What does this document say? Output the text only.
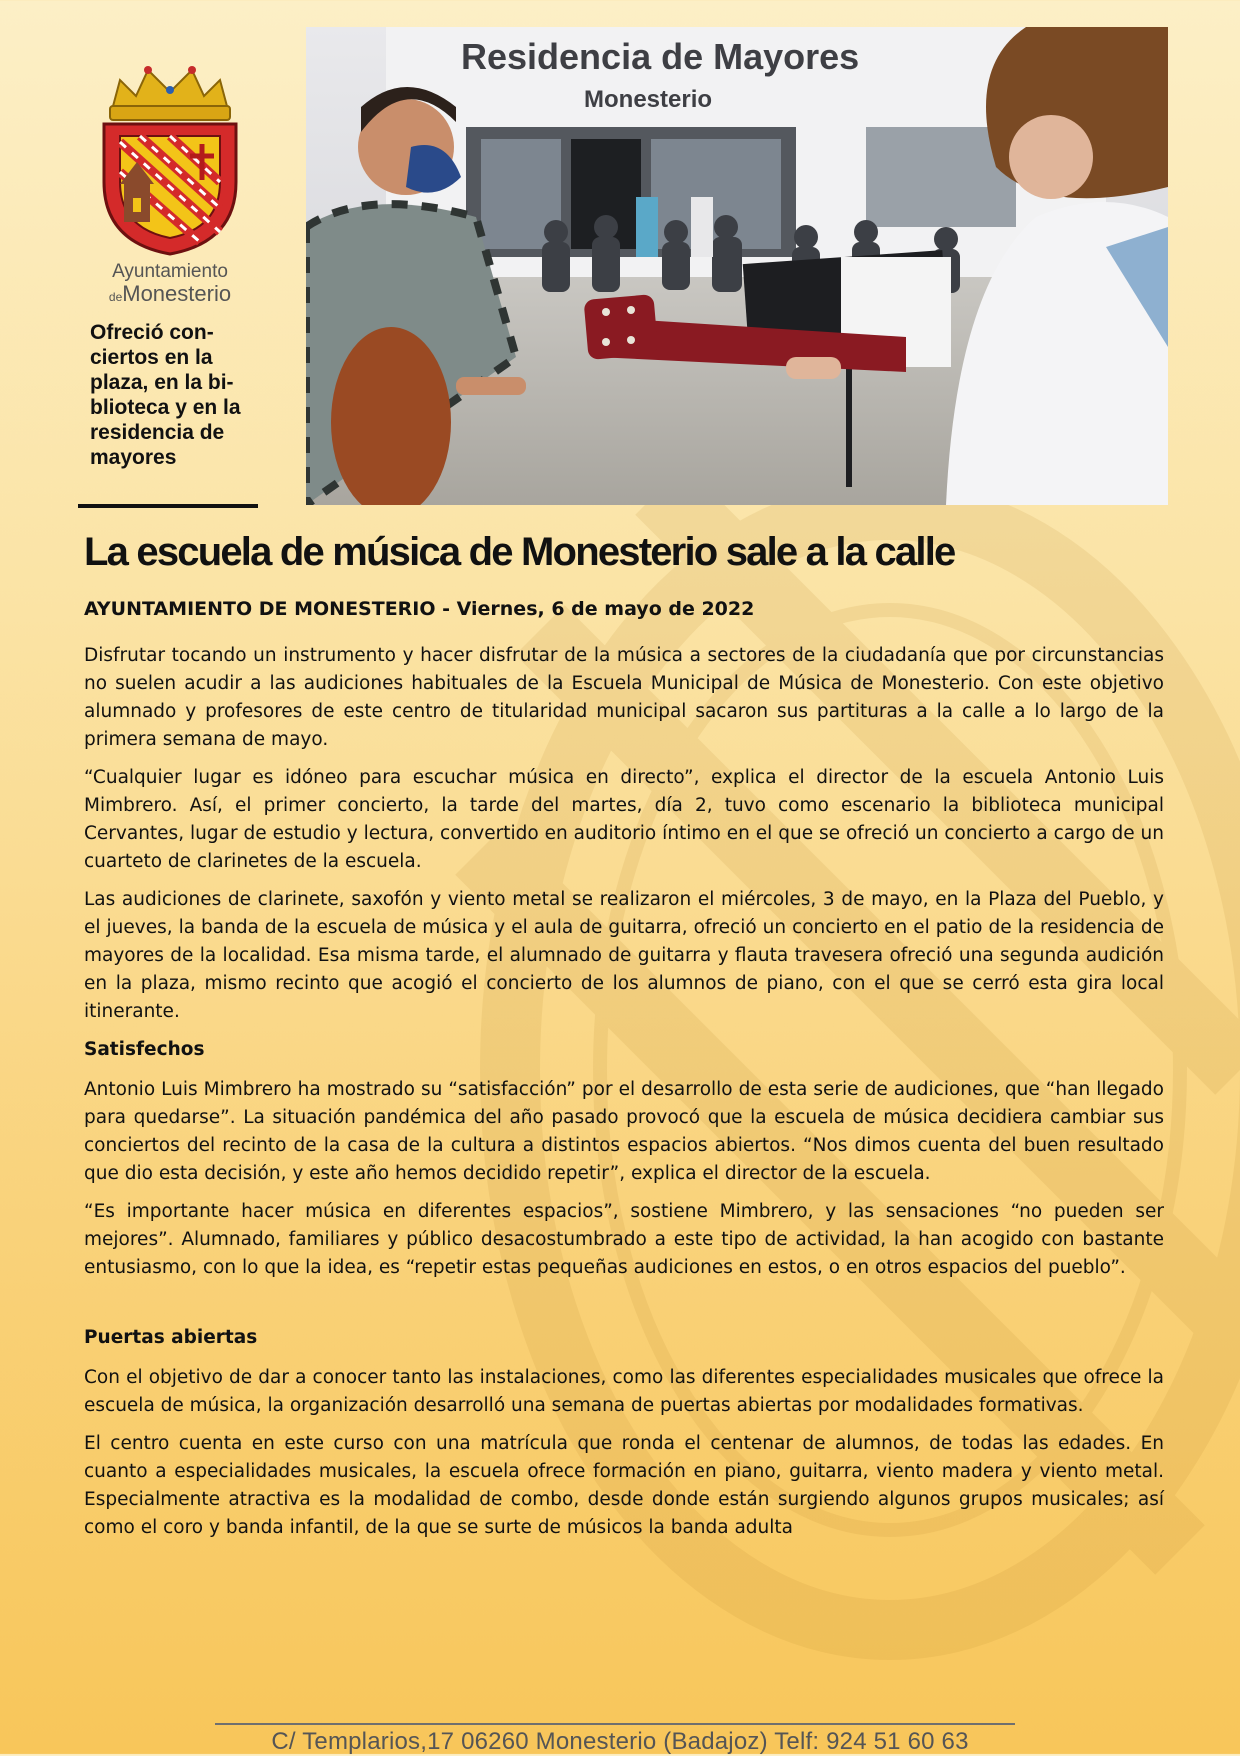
Ayuntamiento
deMonesterio

Ofreció con-ciertos en la plaza, en la bi-blioteca y en la residencia de mayores

Residencia de Mayores
Monesterio
La escuela de música de Monesterio sale a la calle

AYUNTAMIENTO DE MONESTERIO - Viernes, 6 de mayo de 2022

Disfrutar tocando un instrumento y hacer disfrutar de la música a sectores de la ciudadanía que por circunstancias no suelen acudir a las audiciones habituales de la Escuela Municipal de Música de Monesterio. Con este objetivo alumnado y profesores de este centro de titularidad municipal sacaron sus partituras a la calle a lo largo de la primera semana de mayo.

“Cualquier lugar es idóneo para escuchar música en directo”, explica el director de la escuela Antonio Luis Mimbrero. Así, el primer concierto, la tarde del martes, día 2, tuvo como escenario la biblioteca municipal Cervantes, lugar de estudio y lectura, convertido en auditorio íntimo en el que se ofreció un concierto a cargo de un cuarteto de clarinetes de la escuela.

Las audiciones de clarinete, saxofón y viento metal se realizaron el miércoles, 3 de mayo, en la Plaza del Pueblo, y el jueves, la banda de la escuela de música y el aula de guitarra, ofreció un concierto en el patio de la residencia de mayores de la localidad. Esa misma tarde, el alumnado de guitarra y flauta travesera ofreció una segunda audición en la plaza, mismo recinto que acogió el concierto de los alumnos de piano, con el que se cerró esta gira local itinerante.

Satisfechos

Antonio Luis Mimbrero ha mostrado su “satisfacción” por el desarrollo de esta serie de audiciones, que “han llegado para quedarse”. La situación pandémica del año pasado provocó que la escuela de música decidiera cambiar sus conciertos del recinto de la casa de la cultura a distintos espacios abiertos. “Nos dimos cuenta del buen resultado que dio esta decisión, y este año hemos decidido repetir”, explica el director de la escuela.

“Es importante hacer música en diferentes espacios”, sostiene Mimbrero, y las sensaciones “no pueden ser mejores”. Alumnado, familiares y público desacostumbrado a este tipo de actividad, la han acogido con bastante entusiasmo, con lo que la idea, es “repetir estas pequeñas audiciones en estos, o en otros espacios del pueblo”.

Puertas abiertas

Con el objetivo de dar a conocer tanto las instalaciones, como las diferentes especialidades musicales que ofrece la escuela de música, la organización desarrolló una semana de puertas abiertas por modalidades formativas.

El centro cuenta en este curso con una matrícula que ronda el centenar de alumnos, de todas las edades. En cuanto a especialidades musicales, la escuela ofrece formación en piano, guitarra, viento madera y viento metal. Especialmente atractiva es la modalidad de combo, desde donde están surgiendo algunos grupos musicales; así como el coro y banda infantil, de la que se surte de músicos la banda adulta

C/ Templarios,17 06260 Monesterio (Badajoz) Telf: 924 51 60 63
